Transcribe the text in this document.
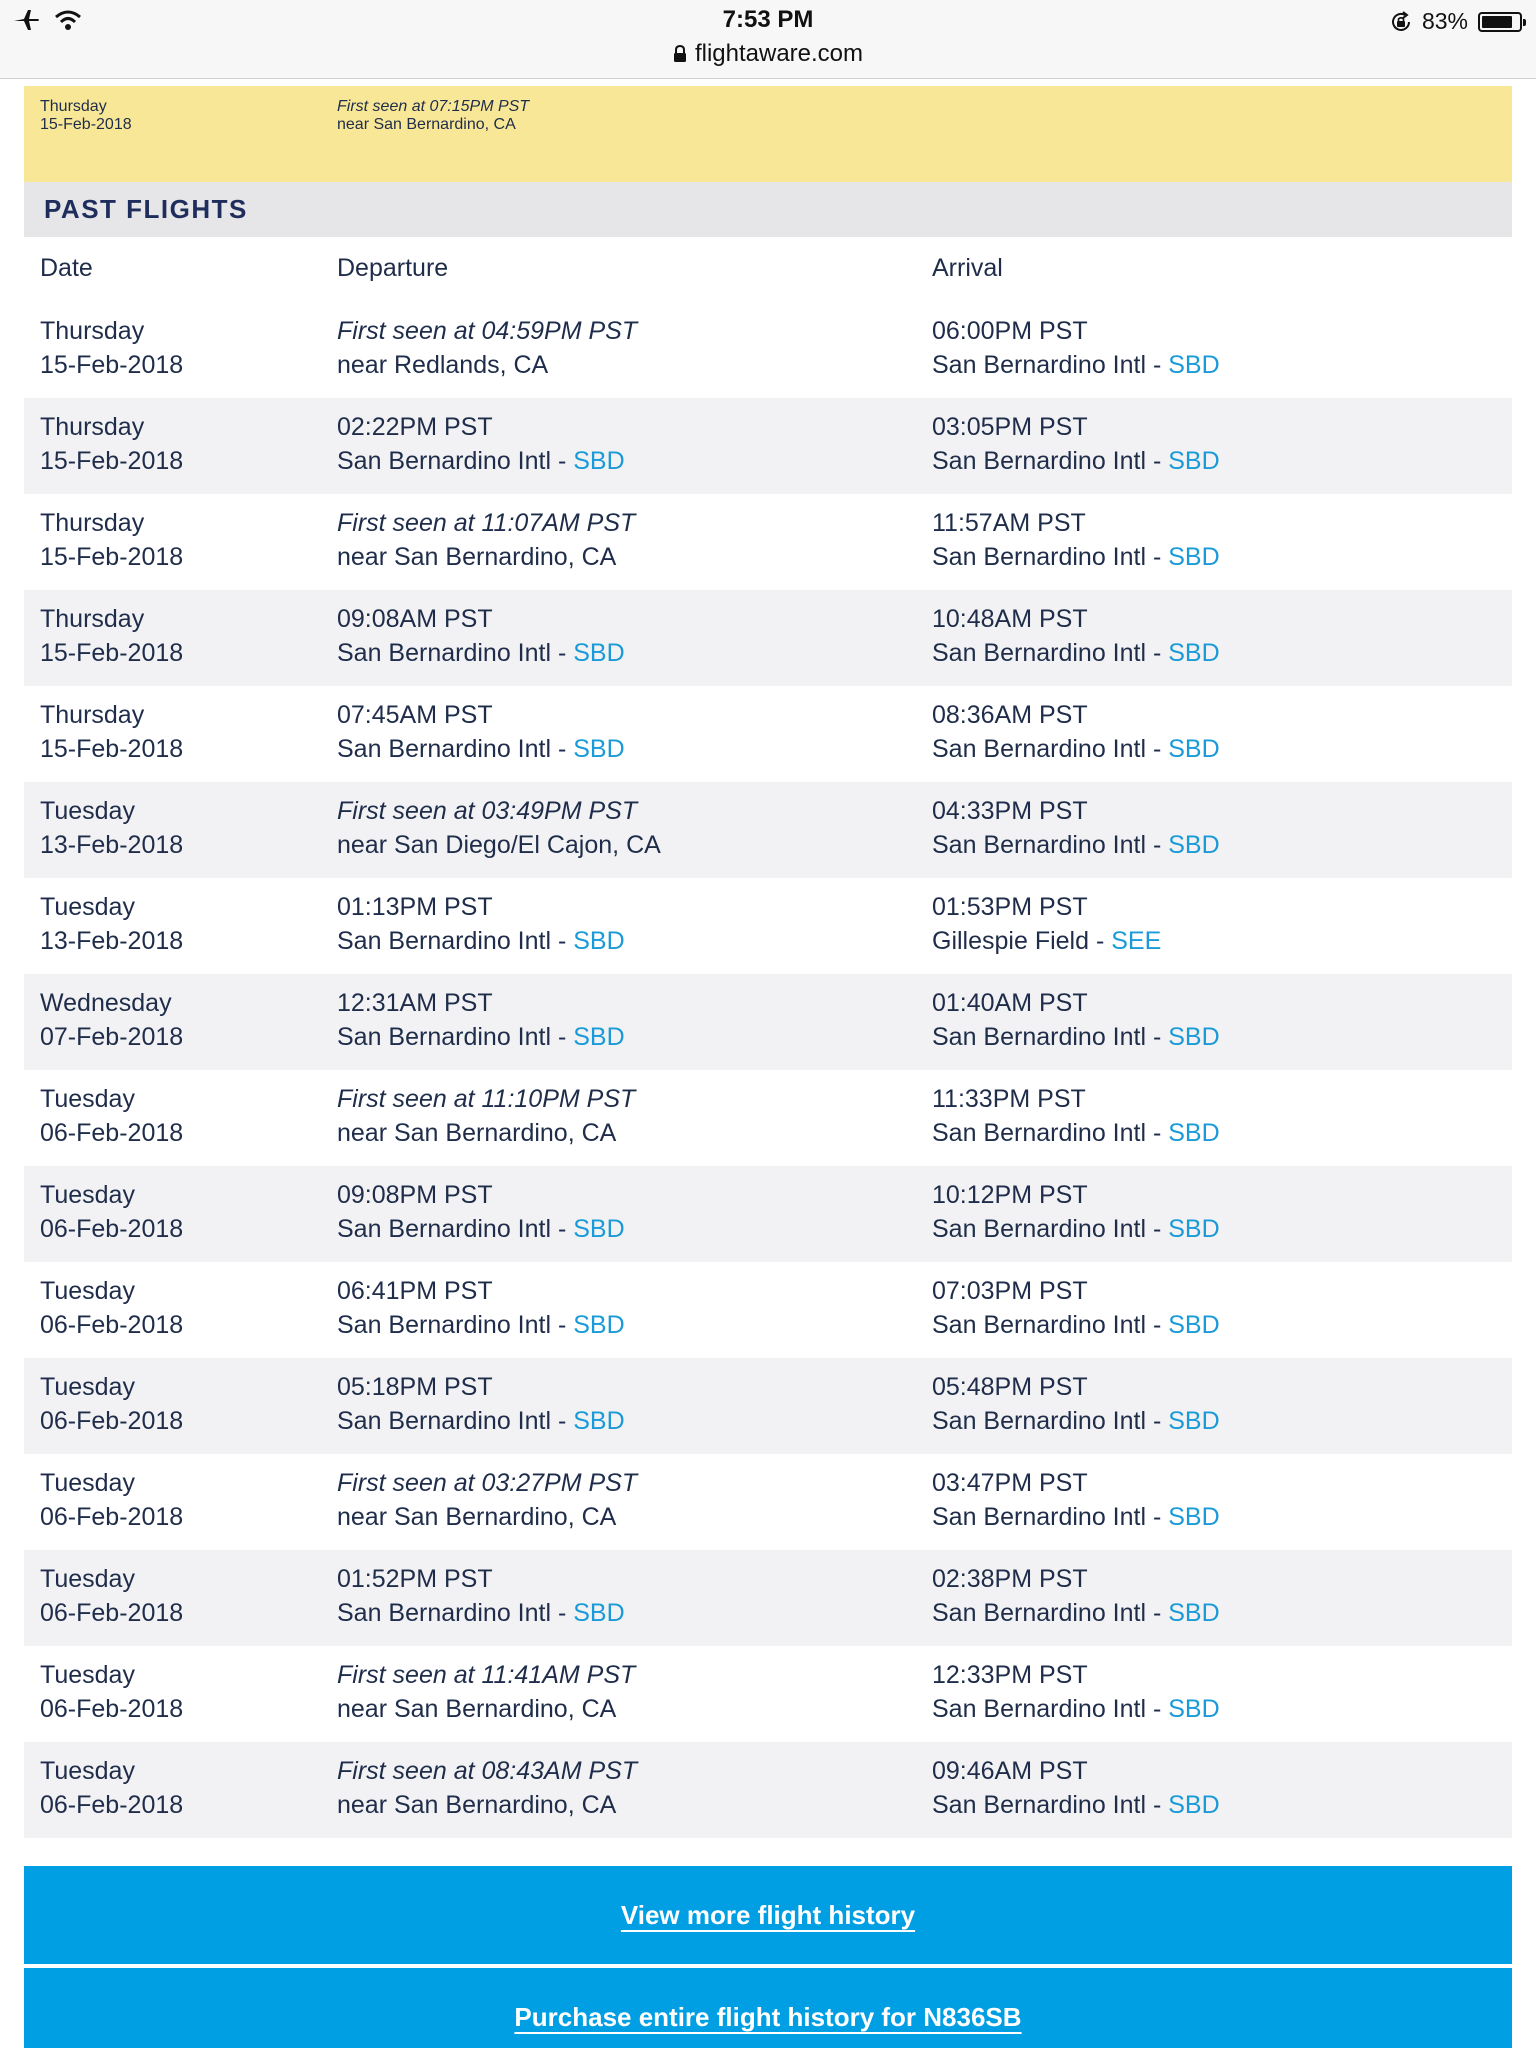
7:53 PM
flightaware.com
83%
Thursday
15-Feb-2018
First seen at 07:15PM PST
near San Bernardino, CA
PAST FLIGHTS
Date	Departure	Arrival
Thursday
15-Feb-2018
First seen at 04:59PM PST
near Redlands, CA
06:00PM PST
San Bernardino Intl - SBD
Thursday
15-Feb-2018
02:22PM PST
San Bernardino Intl - SBD
03:05PM PST
San Bernardino Intl - SBD
Thursday
15-Feb-2018
First seen at 11:07AM PST
near San Bernardino, CA
11:57AM PST
San Bernardino Intl - SBD
Thursday
15-Feb-2018
09:08AM PST
San Bernardino Intl - SBD
10:48AM PST
San Bernardino Intl - SBD
Thursday
15-Feb-2018
07:45AM PST
San Bernardino Intl - SBD
08:36AM PST
San Bernardino Intl - SBD
Tuesday
13-Feb-2018
First seen at 03:49PM PST
near San Diego/El Cajon, CA
04:33PM PST
San Bernardino Intl - SBD
Tuesday
13-Feb-2018
01:13PM PST
San Bernardino Intl - SBD
01:53PM PST
Gillespie Field - SEE
Wednesday
07-Feb-2018
12:31AM PST
San Bernardino Intl - SBD
01:40AM PST
San Bernardino Intl - SBD
Tuesday
06-Feb-2018
First seen at 11:10PM PST
near San Bernardino, CA
11:33PM PST
San Bernardino Intl - SBD
Tuesday
06-Feb-2018
09:08PM PST
San Bernardino Intl - SBD
10:12PM PST
San Bernardino Intl - SBD
Tuesday
06-Feb-2018
06:41PM PST
San Bernardino Intl - SBD
07:03PM PST
San Bernardino Intl - SBD
Tuesday
06-Feb-2018
05:18PM PST
San Bernardino Intl - SBD
05:48PM PST
San Bernardino Intl - SBD
Tuesday
06-Feb-2018
First seen at 03:27PM PST
near San Bernardino, CA
03:47PM PST
San Bernardino Intl - SBD
Tuesday
06-Feb-2018
01:52PM PST
San Bernardino Intl - SBD
02:38PM PST
San Bernardino Intl - SBD
Tuesday
06-Feb-2018
First seen at 11:41AM PST
near San Bernardino, CA
12:33PM PST
San Bernardino Intl - SBD
Tuesday
06-Feb-2018
First seen at 08:43AM PST
near San Bernardino, CA
09:46AM PST
San Bernardino Intl - SBD
View more flight history
Purchase entire flight history for N836SB
